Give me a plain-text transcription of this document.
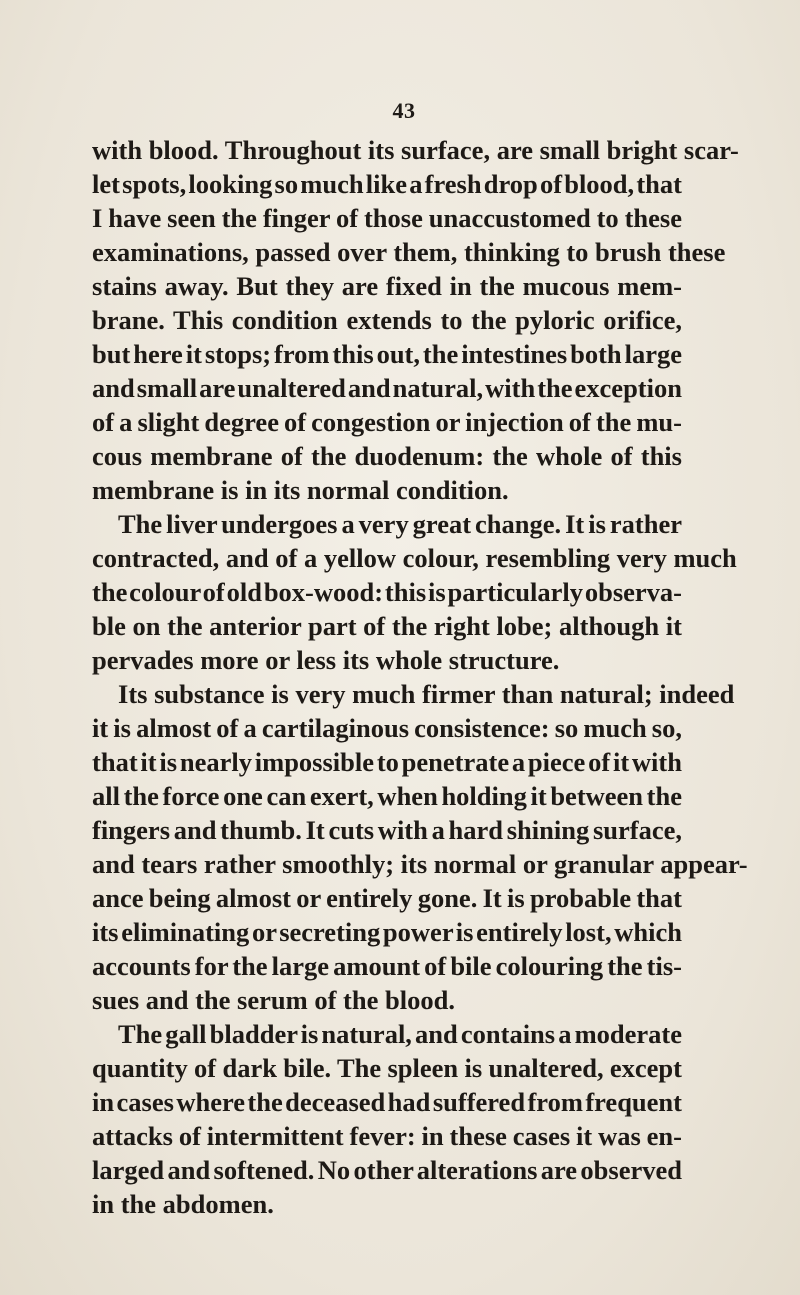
43
with blood. Throughout its surface, are small bright scar-
let spots, looking so much like a fresh drop of blood, that
I have seen the finger of those unaccustomed to these
examinations, passed over them, thinking to brush these
stains away. But they are fixed in the mucous mem-
brane. This condition extends to the pyloric orifice,
but here it stops; from this out, the intestines both large
and small are unaltered and natural, with the exception
of a slight degree of congestion or injection of the mu-
cous membrane of the duodenum: the whole of this
membrane is in its normal condition.
The liver undergoes a very great change. It is rather
contracted, and of a yellow colour, resembling very much
the colour of old box-wood: this is particularly observa-
ble on the anterior part of the right lobe; although it
pervades more or less its whole structure.
Its substance is very much firmer than natural; indeed
it is almost of a cartilaginous consistence: so much so,
that it is nearly impossible to penetrate a piece of it with
all the force one can exert, when holding it between the
fingers and thumb. It cuts with a hard shining surface,
and tears rather smoothly; its normal or granular appear-
ance being almost or entirely gone. It is probable that
its eliminating or secreting power is entirely lost, which
accounts for the large amount of bile colouring the tis-
sues and the serum of the blood.
The gall bladder is natural, and contains a moderate
quantity of dark bile. The spleen is unaltered, except
in cases where the deceased had suffered from frequent
attacks of intermittent fever: in these cases it was en-
larged and softened. No other alterations are observed
in the abdomen.
